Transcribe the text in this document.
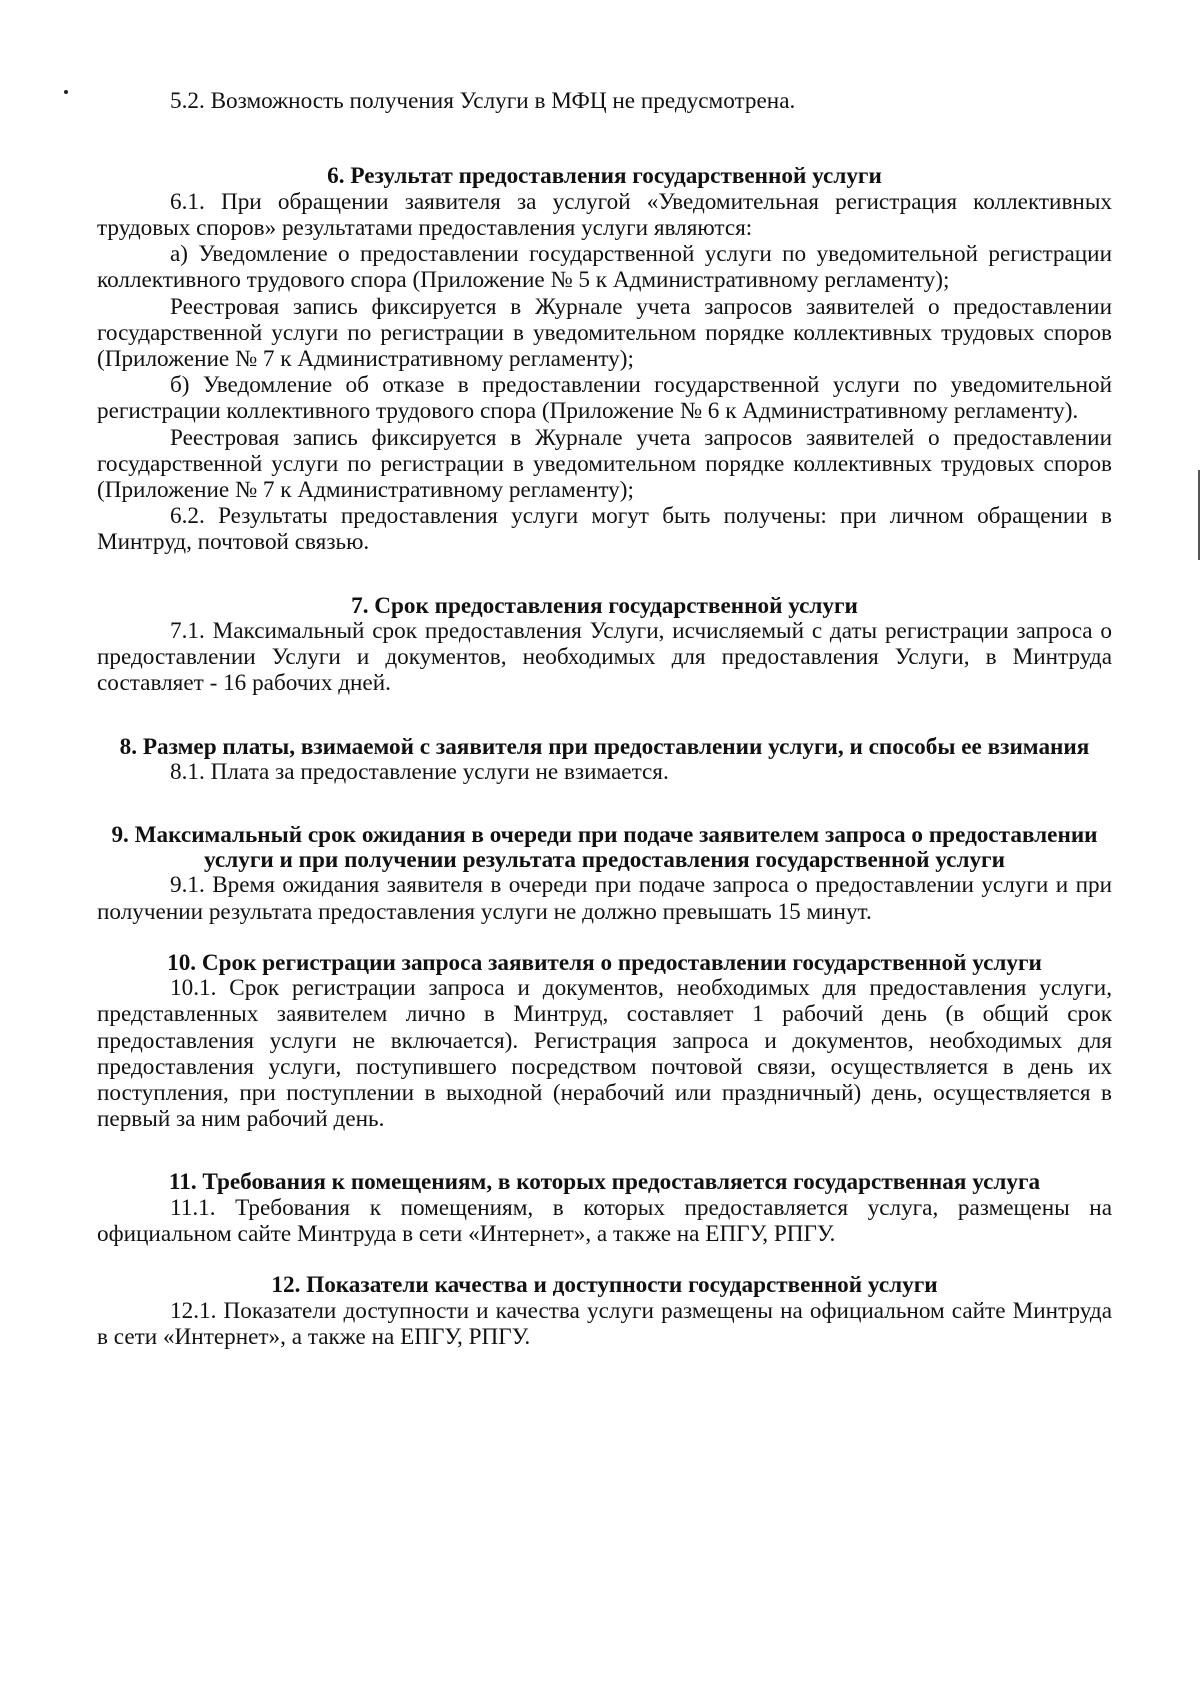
5.2. Возможность получения Услуги в МФЦ не предусмотрена.

6. Результат предоставления государственной услуги

6.1. При обращении заявителя за услугой «Уведомительная регистрация коллективных трудовых споров» результатами предоставления услуги являются:

а) Уведомление о предоставлении государственной услуги по уведомительной регистрации коллективного трудового спора (Приложение № 5 к Административному регламенту);

Реестровая запись фиксируется в Журнале учета запросов заявителей о предоставлении государственной услуги по регистрации в уведомительном порядке коллективных трудовых споров (Приложение № 7 к Административному регламенту);

б) Уведомление об отказе в предоставлении государственной услуги по уведомительной регистрации коллективного трудового спора (Приложение № 6 к Административному регламенту).

Реестровая запись фиксируется в Журнале учета запросов заявителей о предоставлении государственной услуги по регистрации в уведомительном порядке коллективных трудовых споров (Приложение № 7 к Административному регламенту);

6.2. Результаты предоставления услуги могут быть получены: при личном обращении в Минтруд, почтовой связью.

7. Срок предоставления государственной услуги

7.1. Максимальный срок предоставления Услуги, исчисляемый с даты регистрации запроса о предоставлении Услуги и документов, необходимых для предоставления Услуги, в Минтруда составляет - 16 рабочих дней.

8. Размер платы, взимаемой с заявителя при предоставлении услуги, и способы ее взимания

8.1. Плата за предоставление услуги не взимается.

9. Максимальный срок ожидания в очереди при подаче заявителем запроса о предоставлении услуги и при получении результата предоставления государственной услуги

9.1. Время ожидания заявителя в очереди при подаче запроса о предоставлении услуги и при получении результата предоставления услуги не должно превышать 15 минут.

10. Срок регистрации запроса заявителя о предоставлении государственной услуги

10.1. Срок регистрации запроса и документов, необходимых для предоставления услуги, представленных заявителем лично в Минтруд, составляет 1 рабочий день (в общий срок предоставления услуги не включается). Регистрация запроса и документов, необходимых для предоставления услуги, поступившего посредством почтовой связи, осуществляется в день их поступления, при поступлении в выходной (нерабочий или праздничный) день, осуществляется в первый за ним рабочий день.

11. Требования к помещениям, в которых предоставляется государственная услуга

11.1. Требования к помещениям, в которых предоставляется услуга, размещены на официальном сайте Минтруда в сети «Интернет», а также на ЕПГУ, РПГУ.

12. Показатели качества и доступности государственной услуги

12.1. Показатели доступности и качества услуги размещены на официальном сайте Минтруда в сети «Интернет», а также на ЕПГУ, РПГУ.
